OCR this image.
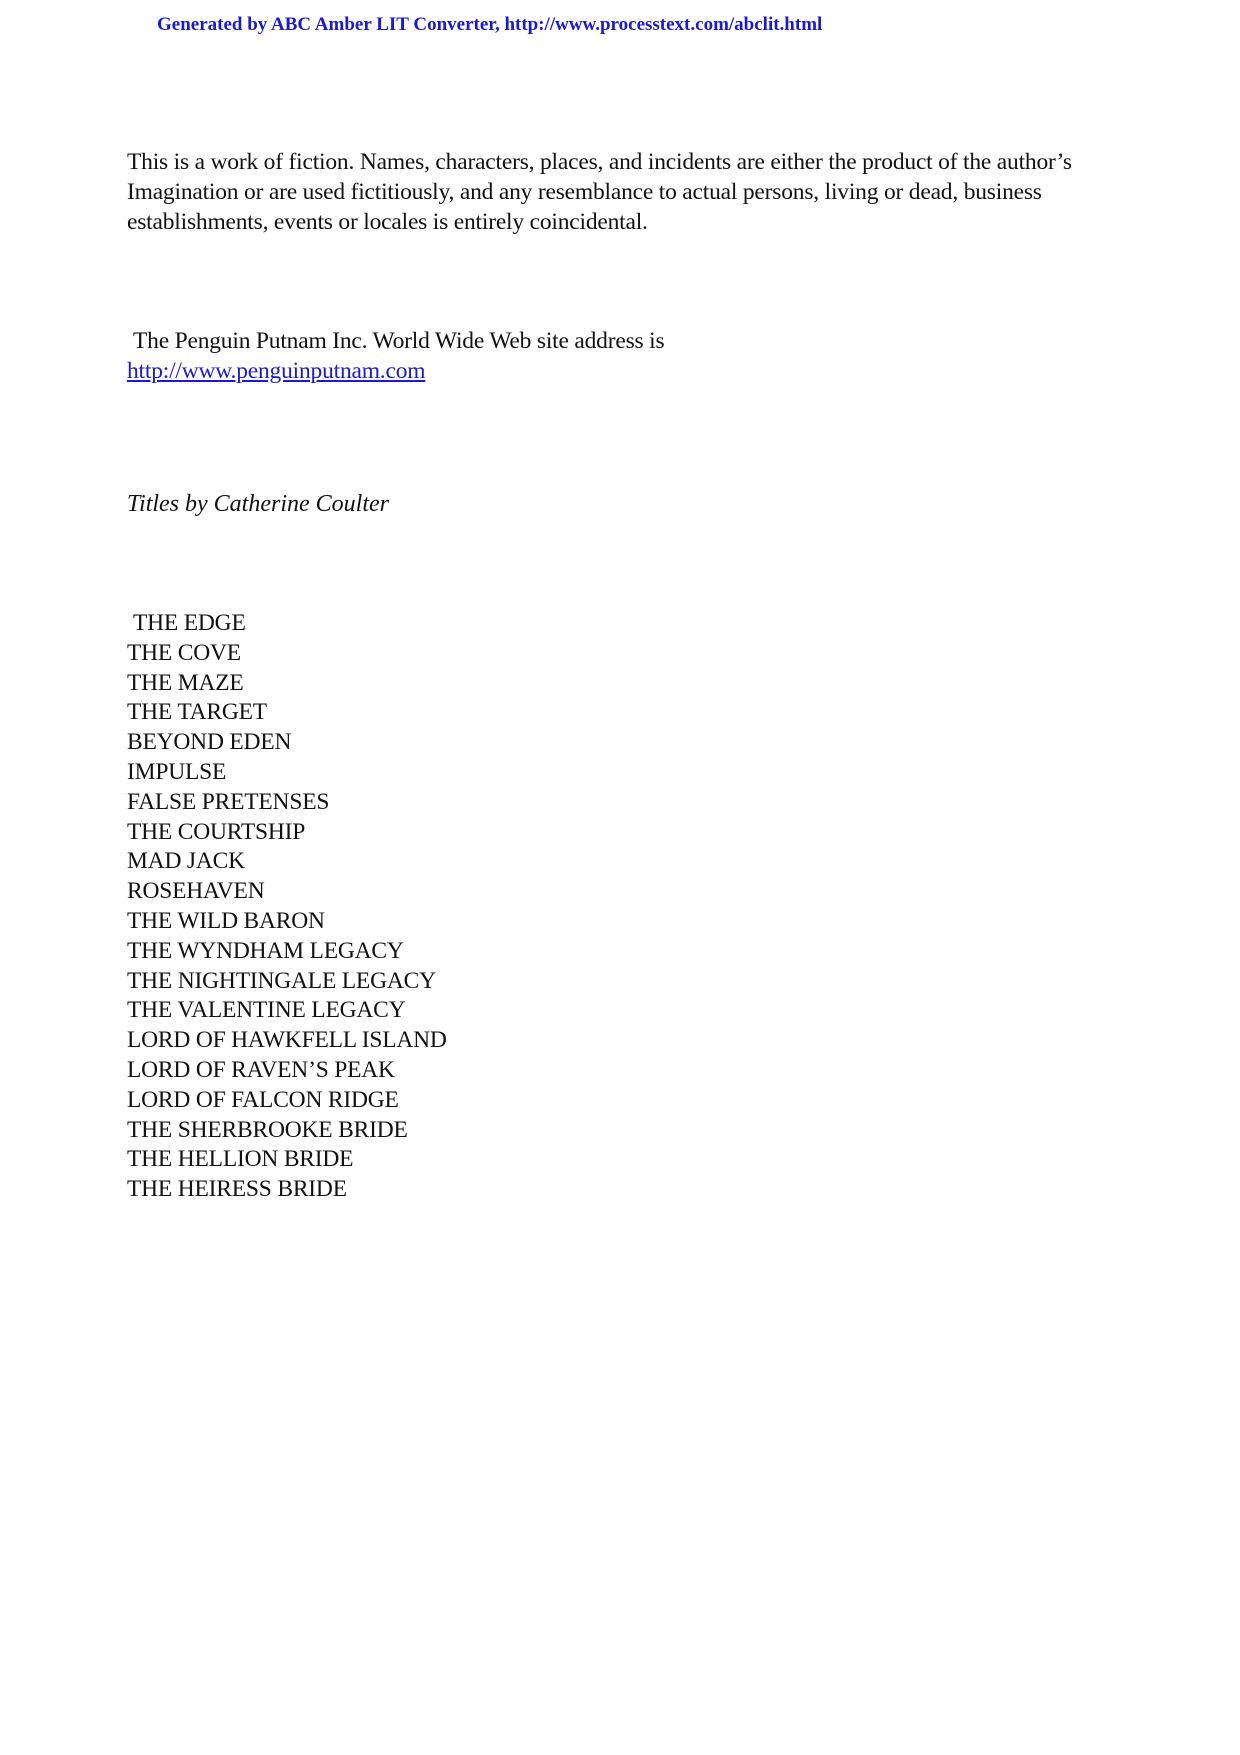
Generated by ABC Amber LIT Converter, http://www.processtext.com/abclit.html
This is a work of fiction. Names, characters, places, and incidents are either the product of the author’s
Imagination or are used fictitiously, and any resemblance to actual persons, living or dead, business
establishments, events or locales is entirely coincidental.
The Penguin Putnam Inc. World Wide Web site address is
http://www.penguinputnam.com
Titles by Catherine Coulter
THE EDGE
THE COVE
THE MAZE
THE TARGET
BEYOND EDEN
IMPULSE
FALSE PRETENSES
THE COURTSHIP
MAD JACK
ROSEHAVEN
THE WILD BARON
THE WYNDHAM LEGACY
THE NIGHTINGALE LEGACY
THE VALENTINE LEGACY
LORD OF HAWKFELL ISLAND
LORD OF RAVEN’S PEAK
LORD OF FALCON RIDGE
THE SHERBROOKE BRIDE
THE HELLION BRIDE
THE HEIRESS BRIDE
